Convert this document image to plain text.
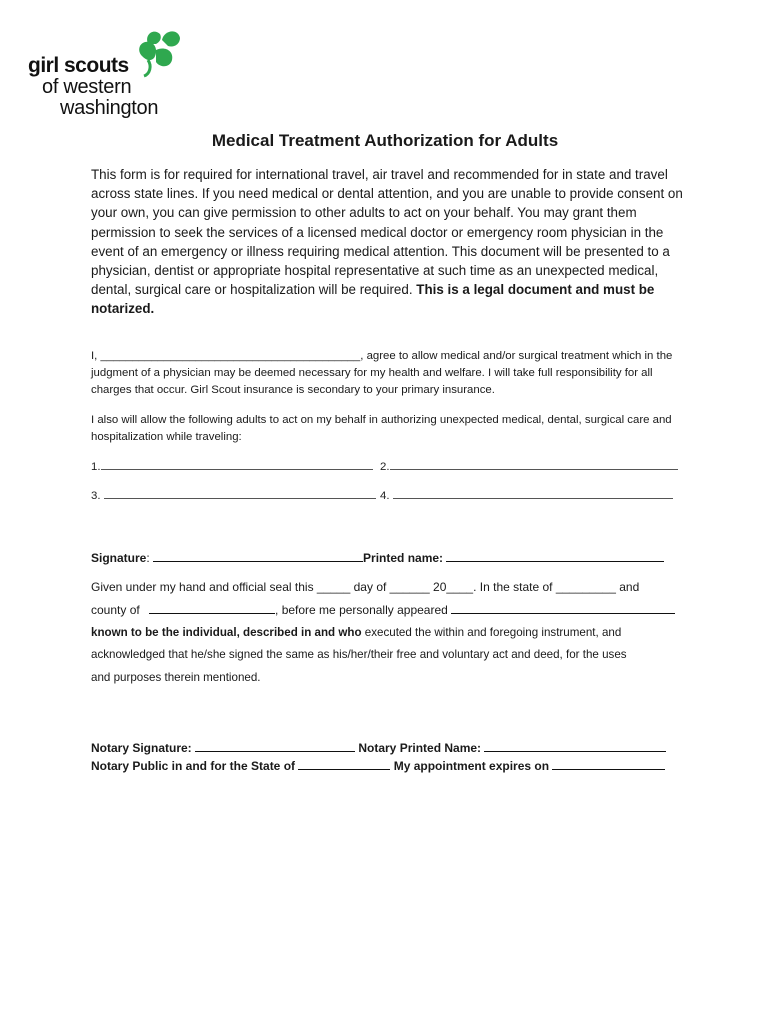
girl scouts
of western
washington
Medical Treatment Authorization for Adults

This form is for required for international travel, air travel and recommended for in state and travel across state lines. If you need medical or dental attention, and you are unable to provide consent on your own, you can give permission to other adults to act on your behalf. You may grant them permission to seek the services of a licensed medical doctor or emergency room physician in the event of an emergency or illness requiring medical attention. This document will be presented to a physician, dentist or appropriate hospital representative at such time as an unexpected medical, dental, surgical care or hospitalization will be required. This is a legal document and must be notarized.

I, _________________________________________, agree to allow medical and/or surgical treatment which in the judgment of a physician may be deemed necessary for my health and welfare. I will take full responsibility for all charges that occur. Girl Scout insurance is secondary to your primary insurance.

I also will allow the following adults to act on my behalf in authorizing unexpected medical, dental, surgical care and hospitalization while traveling:

1.	2.
3.	4.
Signature:	Printed name:
Given under my hand and official seal this _____ day of ______ 20____. In the state of _________ and
county of	, before me personally appeared
known to be the individual, described in and who executed the within and foregoing instrument, and
acknowledged that he/she signed the same as his/her/their free and voluntary act and deed, for the uses
and purposes therein mentioned.
Notary Signature:	Notary Printed Name:
Notary Public in and for the State of	My appointment expires on
